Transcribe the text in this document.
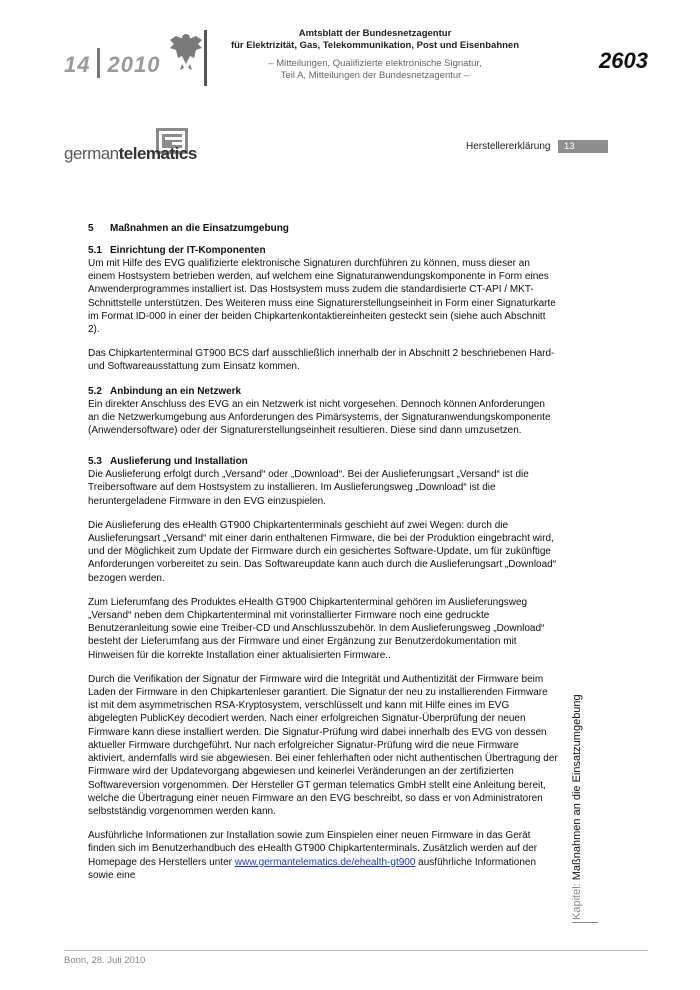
14 2010
Amtsblatt der Bundesnetzagentur
für Elektrizität, Gas, Telekommunikation, Post und Eisenbahnen
– Mitteilungen, Qualifizierte elektronische Signatur,
Teil A, Mitteilungen der Bundesnetzagentur –
2603
germantelematics	Herstellererklärung	13
5 Maßnahmen an die Einsatzumgebung
5.1 Einrichtung der IT-Komponenten

Um mit Hilfe des EVG qualifizierte elektronische Signaturen durchführen zu können, muss dieser an einem Hostsystem betrieben werden, auf welchem eine Signaturanwendungskomponente in Form eines Anwenderprogrammes installiert ist. Das Hostsystem muss zudem die standardisierte CT-API / MKT-Schnittstelle unterstützen. Des Weiteren muss eine Signaturerstellungseinheit in Form einer Signaturkarte im Format ID-000 in einer der beiden Chipkartenkontaktiereinheiten gesteckt sein (siehe auch Abschnitt 2).

Das Chipkartenterminal GT900 BCS darf ausschließlich innerhalb der in Abschnitt 2 beschriebenen Hard- und Softwareausstattung zum Einsatz kommen.

5.2 Anbindung an ein Netzwerk

Ein direkter Anschluss des EVG an ein Netzwerk ist nicht vorgesehen. Dennoch können Anforderungen an die Netzwerkumgebung aus Anforderungen des Pimärsystems, der Signaturanwendungskomponente (Anwendersoftware) oder der Signaturerstellungseinheit resultieren. Diese sind dann umzusetzen.

5.3 Auslieferung und Installation

Die Auslieferung erfolgt durch „Versand“ oder „Download“. Bei der Auslieferungsart „Versand“ ist die Treibersoftware auf dem Hostsystem zu installieren. Im Auslieferungsweg „Download“ ist die heruntergeladene Firmware in den EVG einzuspielen.

Die Auslieferung des eHealth GT900 Chipkartenterminals geschieht auf zwei Wegen: durch die Auslieferungsart „Versand“ mit einer darin enthaltenen Firmware, die bei der Produktion eingebracht wird, und der Möglichkeit zum Update der Firmware durch ein gesichertes Software-Update, um für zukünftige Anforderungen vorbereitet zu sein. Das Softwareupdate kann auch durch die Auslieferungsart „Download“ bezogen werden.

Zum Lieferumfang des Produktes eHealth GT900 Chipkartenterminal gehören im Auslieferungsweg „Versand“ neben dem Chipkartenterminal mit vorinstallierter Firmware noch eine gedruckte Benutzeranleitung sowie eine Treiber-CD und Anschlusszubehör. In dem Auslieferungsweg „Download“ besteht der Lieferumfang aus der Firmware und einer Ergänzung zur Benutzerdokumentation mit Hinweisen für die korrekte Installation einer aktualisierten Firmware..

Durch die Verifikation der Signatur der Firmware wird die Integrität und Authentizität der Firmware beim Laden der Firmware in den Chipkartenleser garantiert. Die Signatur der neu zu installierenden Firmware ist mit dem asymmetrischen RSA-Kryptosystem, verschlüsselt und kann mit Hilfe eines im EVG abgelegten PublicKey decodiert werden. Nach einer erfolgreichen Signatur-Überprüfung der neuen Firmware kann diese installiert werden. Die Signatur-Prüfung wird dabei innerhalb des EVG von dessen aktueller Firmware durchgeführt. Nur nach erfolgreicher Signatur-Prüfung wird die neue Firmware aktiviert, andernfalls wird sie abgewiesen. Bei einer fehlerhaften oder nicht authentischen Übertragung der Firmware wird der Updatevorgang abgewiesen und keinerlei Veränderungen an der zertifizierten Softwareversion vorgenommen. Der Hersteller GT german telematics GmbH stellt eine Anleitung bereit, welche die Übertragung einer neuen Firmware an den EVG beschreibt, so dass er von Administratoren selbstständig vorgenommen werden kann.

Ausführliche Informationen zur Installation sowie zum Einspielen einer neuen Firmware in das Gerät finden sich im Benutzerhandbuch des eHealth GT900 Chipkartenterminals. Zusätzlich werden auf der Homepage des Herstellers unter www.germantelematics.de/ehealth-gt900 ausführliche Informationen sowie eine

Kapitel: Maßnahmen an die Einsatzumgebung
Bonn, 28. Juli 2010
